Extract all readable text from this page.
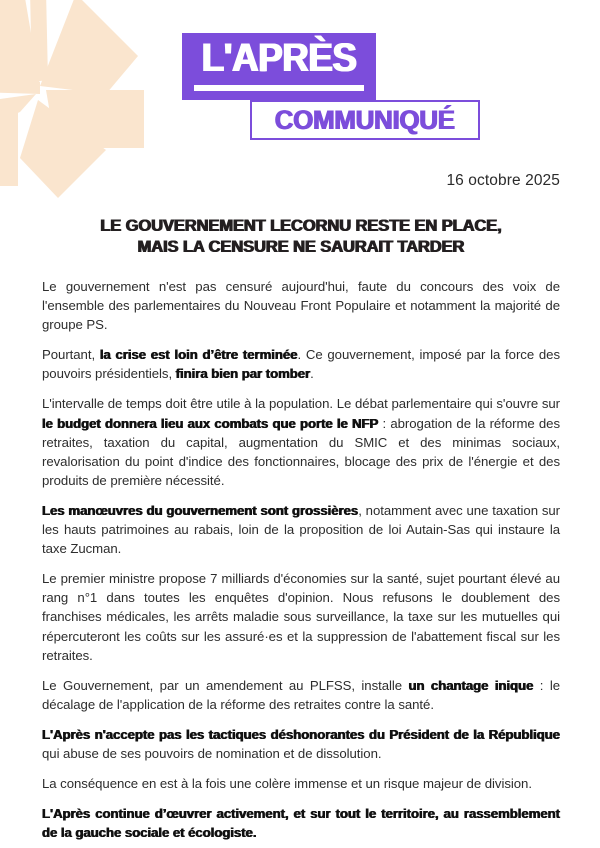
L'APRÈS
COMMUNIQUÉ
16 octobre 2025
LE GOUVERNEMENT LECORNU RESTE EN PLACE,
MAIS LA CENSURE NE SAURAIT TARDER

Le gouvernement n'est pas censuré aujourd'hui, faute du concours des voix de l'ensemble des parlementaires du Nouveau Front Populaire et notamment la majorité de groupe PS.

Pourtant, la crise est loin d’être terminée. Ce gouvernement, imposé par la force des pouvoirs présidentiels, finira bien par tomber.

L'intervalle de temps doit être utile à la population. Le débat parlementaire qui s'ouvre sur le budget donnera lieu aux combats que porte le NFP : abrogation de la réforme des retraites, taxation du capital, augmentation du SMIC et des minimas sociaux, revalorisation du point d'indice des fonctionnaires, blocage des prix de l'énergie et des produits de première nécessité.

Les manœuvres du gouvernement sont grossières, notamment avec une taxation sur les hauts patrimoines au rabais, loin de la proposition de loi Autain-Sas qui instaure la taxe Zucman.

Le premier ministre propose 7 milliards d'économies sur la santé, sujet pourtant élevé au rang n°1 dans toutes les enquêtes d'opinion. Nous refusons le doublement des franchises médicales, les arrêts maladie sous surveillance, la taxe sur les mutuelles qui répercuteront les coûts sur les assuré·es et la suppression de l'abattement fiscal sur les retraites.

Le Gouvernement, par un amendement au PLFSS, installe un chantage inique : le décalage de l'application de la réforme des retraites contre la santé.

L'Après n'accepte pas les tactiques déshonorantes du Président de la République qui abuse de ses pouvoirs de nomination et de dissolution.

La conséquence en est à la fois une colère immense et un risque majeur de division.

L'Après continue d’œuvrer activement, et sur tout le territoire, au rassemblement de la gauche sociale et écologiste.
